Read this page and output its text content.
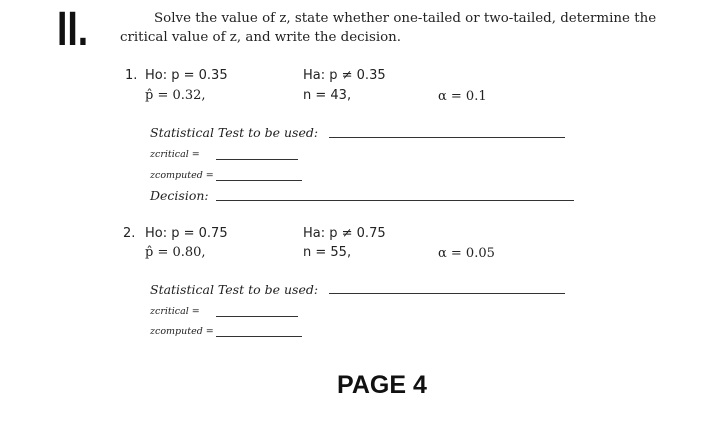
II.	Solve the value of z, state whether one-tailed or two-tailed, determine the
critical value of z, and write the decision.
1. Ho: p = 0.35	Ha: p ≠ 0.35
p̂ = 0.32,	n = 43,	α = 0.1
Statistical Test to be used:
zcritical =
zcomputed =
Decision:
2. Ho: p = 0.75	Ha: p ≠ 0.75
p̂ = 0.80,	n = 55,	α = 0.05
Statistical Test to be used:
zcritical =
zcomputed =
PAGE 4
